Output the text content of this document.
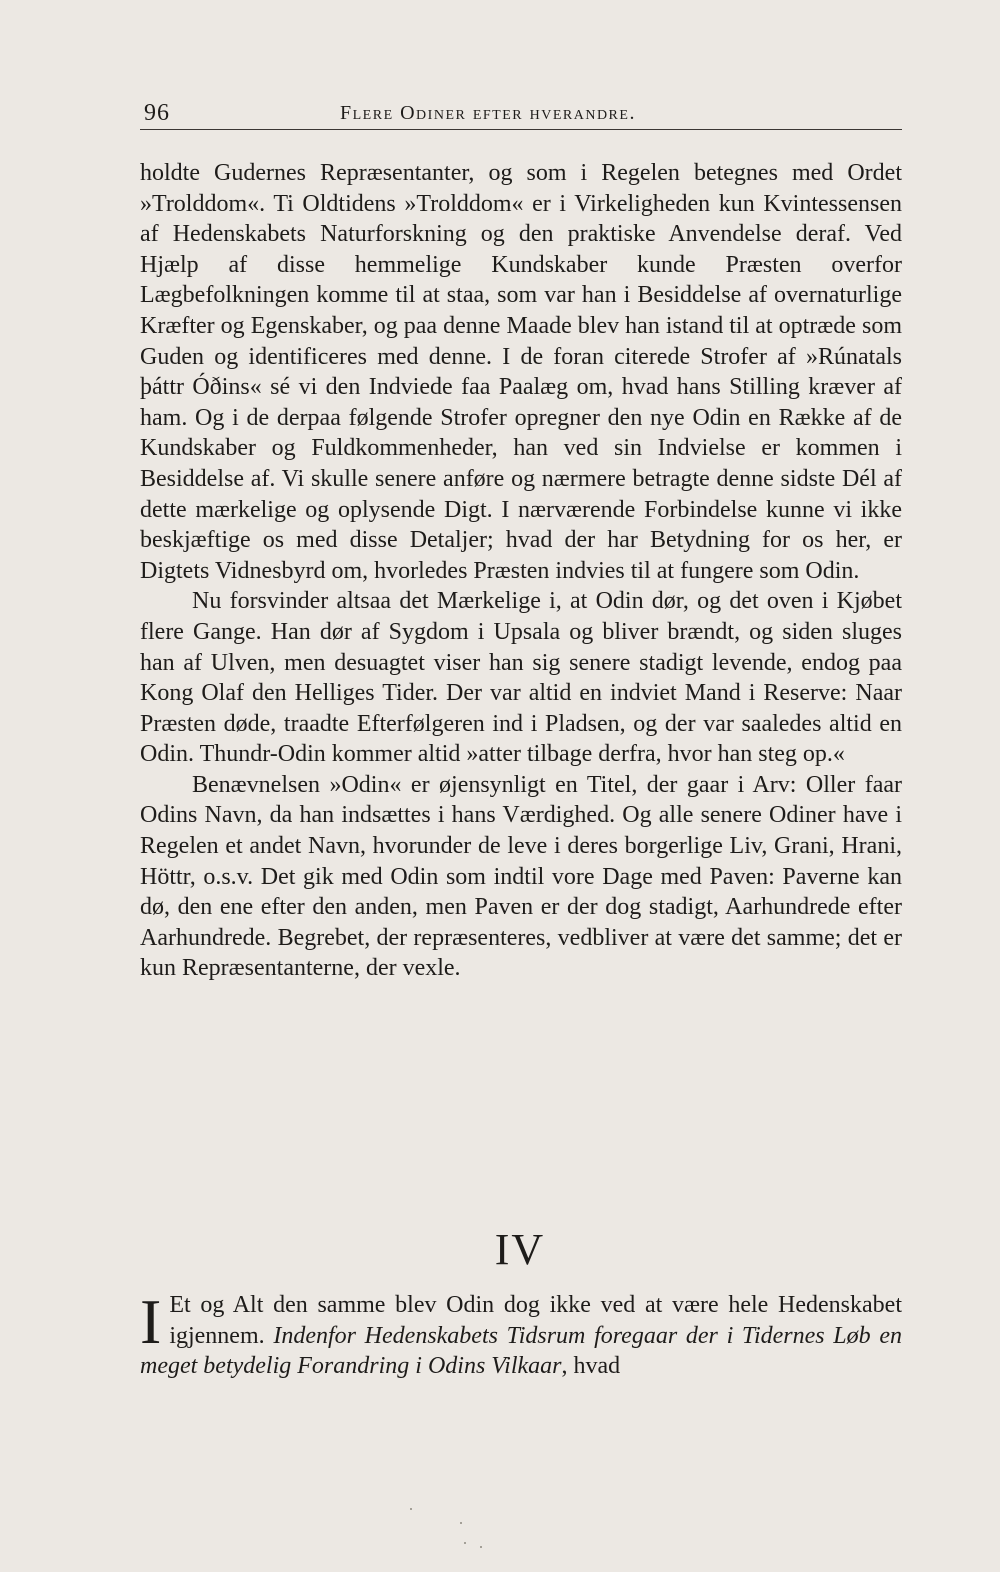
96	Flere Odiner efter hverandre.

holdte Gudernes Repræsentanter, og som i Regelen betegnes med Ordet »Trolddom«. Ti Oldtidens »Trolddom« er i Virkeligheden kun Kvintessensen af Hedenskabets Naturforskning og den praktiske Anvendelse deraf. Ved Hjælp af disse hemmelige Kundskaber kunde Præsten overfor Lægbefolkningen komme til at staa, som var han i Besiddelse af overnaturlige Kræfter og Egenskaber, og paa denne Maade blev han istand til at optræde som Guden og identificeres med denne. I de foran citerede Strofer af »Rúnatals þáttr Óðins« sé vi den Indviede faa Paalæg om, hvad hans Stilling kræver af ham. Og i de derpaa følgende Strofer opregner den nye Odin en Række af de Kundskaber og Fuldkommenheder, han ved sin Indvielse er kommen i Besiddelse af. Vi skulle senere anføre og nærmere betragte denne sidste Dél af dette mærkelige og oplysende Digt. I nærværende Forbindelse kunne vi ikke beskjæftige os med disse Detaljer; hvad der har Betydning for os her, er Digtets Vidnesbyrd om, hvorledes Præsten indvies til at fungere som Odin.

Nu forsvinder altsaa det Mærkelige i, at Odin dør, og det oven i Kjøbet flere Gange. Han dør af Sygdom i Upsala og bliver brændt, og siden sluges han af Ulven, men desuagtet viser han sig senere stadigt levende, endog paa Kong Olaf den Helliges Tider. Der var altid en indviet Mand i Reserve: Naar Præsten døde, traadte Efterfølgeren ind i Pladsen, og der var saaledes altid en Odin. Thundr-Odin kommer altid »atter tilbage derfra, hvor han steg op.«

Benævnelsen »Odin« er øjensynligt en Titel, der gaar i Arv: Oller faar Odins Navn, da han indsættes i hans Værdighed. Og alle senere Odiner have i Regelen et andet Navn, hvorunder de leve i deres borgerlige Liv, Grani, Hrani, Höttr, o.s.v. Det gik med Odin som indtil vore Dage med Paven: Paverne kan dø, den ene efter den anden, men Paven er der dog stadigt, Aarhundrede efter Aarhundrede. Begrebet, der repræsenteres, vedbliver at være det samme; det er kun Repræsentanterne, der vexle.

IV
I Et og Alt den samme blev Odin dog ikke ved at være hele Hedenskabet igjennem. Indenfor Hedenskabets Tidsrum foregaar der i Tidernes Løb en meget betydelig Forandring i Odins Vilkaar, hvad
